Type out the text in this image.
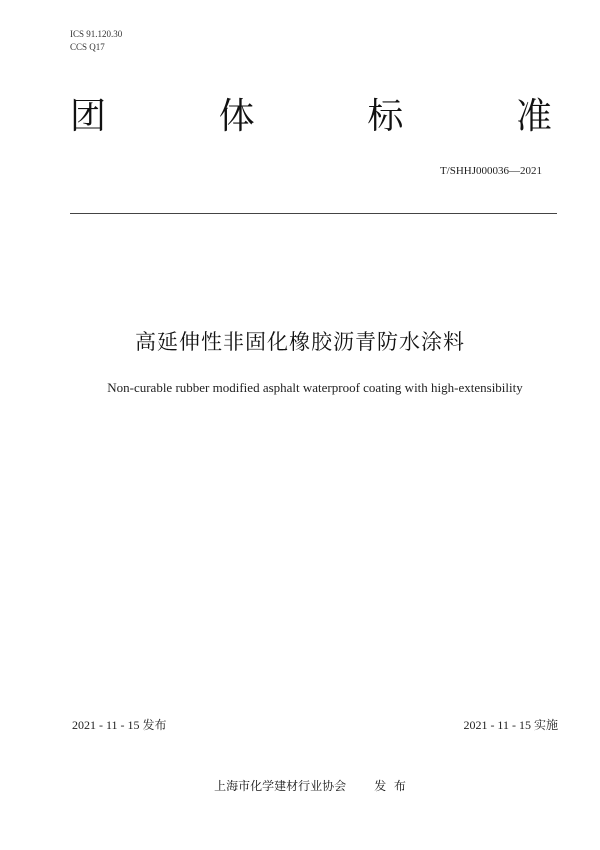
ICS 91.120.30
CCS Q17
团	体	标	准
T/SHHJ000036—2021
高延伸性非固化橡胶沥青防水涂料
Non-curable rubber modified asphalt waterproof coating with high-extensibility
2021 - 11 - 15 发布	2021 - 11 - 15 实施
上海市化学建材行业协会 发  布
